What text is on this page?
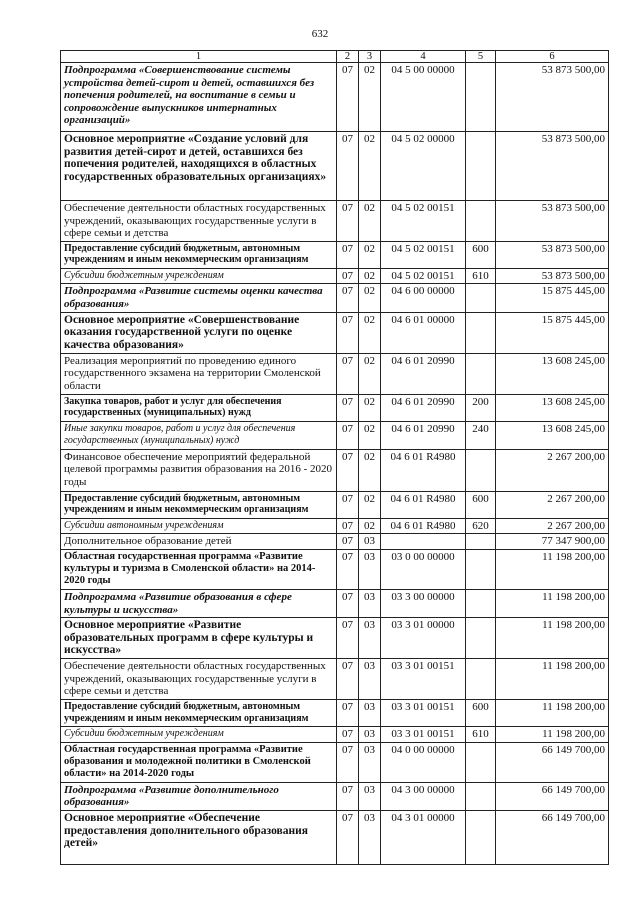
632
1	2	3	4	5	6
Подпрограмма «Совершенствование системы устройства детей-сирот и детей, оставшихся без попечения родителей, на воспитание в семьи и сопровождение выпускников интернатных организаций»	07	02	04 5 00 00000		53 873 500,00
Основное мероприятие «Создание условий для развития детей-сирот и детей, оставшихся без попечения родителей, находящихся в областных государственных образовательных организациях»	07	02	04 5 02 00000		53 873 500,00
Обеспечение деятельности областных государственных учреждений, оказывающих государственные услуги в сфере семьи и детства	07	02	04 5 02 00151		53 873 500,00
Предоставление субсидий бюджетным, автономным учреждениям и иным некоммерческим организациям	07	02	04 5 02 00151	600	53 873 500,00
Субсидии бюджетным учреждениям	07	02	04 5 02 00151	610	53 873 500,00
Подпрограмма «Развитие системы оценки качества образования»	07	02	04 6 00 00000		15 875 445,00
Основное мероприятие «Совершенствование оказания государственной услуги по оценке качества образования»	07	02	04 6 01 00000		15 875 445,00
Реализация мероприятий по проведению единого государственного экзамена на территории Смоленской области	07	02	04 6 01 20990		13 608 245,00
Закупка товаров, работ и услуг для обеспечения государственных (муниципальных) нужд	07	02	04 6 01 20990	200	13 608 245,00
Иные закупки товаров, работ и услуг для обеспечения государственных (муниципальных) нужд	07	02	04 6 01 20990	240	13 608 245,00
Финансовое обеспечение мероприятий федеральной целевой программы развития образования на 2016 - 2020 годы	07	02	04 6 01 R4980		2 267 200,00
Предоставление субсидий бюджетным, автономным учреждениям и иным некоммерческим организациям	07	02	04 6 01 R4980	600	2 267 200,00
Субсидии автономным учреждениям	07	02	04 6 01 R4980	620	2 267 200,00
Дополнительное образование детей	07	03			77 347 900,00
Областная государственная программа «Развитие культуры и туризма в Смоленской области» на 2014-2020 годы	07	03	03 0 00 00000		11 198 200,00
Подпрограмма «Развитие образования в сфере культуры и искусства»	07	03	03 3 00 00000		11 198 200,00
Основное мероприятие «Развитие образовательных программ в сфере культуры и искусства»	07	03	03 3 01 00000		11 198 200,00
Обеспечение деятельности областных государственных учреждений, оказывающих государственные услуги в сфере семьи и детства	07	03	03 3 01 00151		11 198 200,00
Предоставление субсидий бюджетным, автономным учреждениям и иным некоммерческим организациям	07	03	03 3 01 00151	600	11 198 200,00
Субсидии бюджетным учреждениям	07	03	03 3 01 00151	610	11 198 200,00
Областная государственная программа «Развитие образования и молодежной политики в Смоленской области» на 2014-2020 годы	07	03	04 0 00 00000		66 149 700,00
Подпрограмма «Развитие дополнительного образования»	07	03	04 3 00 00000		66 149 700,00
Основное мероприятие «Обеспечение предоставления дополнительного образования детей»	07	03	04 3 01 00000		66 149 700,00
